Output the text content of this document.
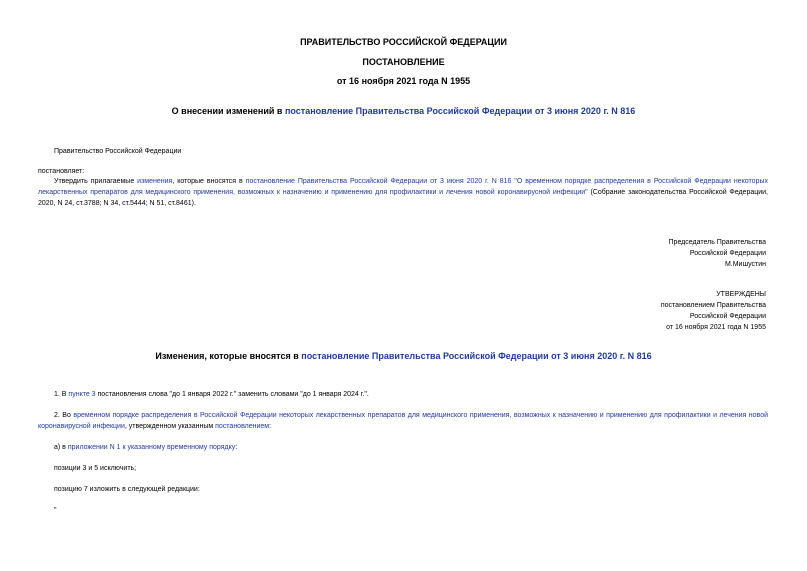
ПРАВИТЕЛЬСТВО РОССИЙСКОЙ ФЕДЕРАЦИИ
ПОСТАНОВЛЕНИЕ
от 16 ноября 2021 года N 1955
О внесении изменений в постановление Правительства Российской Федерации от 3 июня 2020 г. N 816
Правительство Российской Федерации
постановляет:
Утвердить прилагаемые изменения, которые вносятся в постановление Правительства Российской Федерации от 3 июня 2020 г. N 816 "О временном порядке распределения в Российской Федерации некоторых лекарственных препаратов для медицинского применения, возможных к назначению и применению для профилактики и лечения новой коронавирусной инфекции" (Собрание законодательства Российской Федерации, 2020, N 24, ст.3788; N 34, ст.5444; N 51, ст.8461).
Председатель Правительства
Российской Федерации
М.Мишустин
УТВЕРЖДЕНЫ
постановлением Правительства
Российской Федерации
от 16 ноября 2021 года N 1955
Изменения, которые вносятся в постановление Правительства Российской Федерации от 3 июня 2020 г. N 816
1. В пункте 3 постановления слова "до 1 января 2022 г." заменить словами "до 1 января 2024 г.".
2. Во временном порядке распределения в Российской Федерации некоторых лекарственных препаратов для медицинского применения, возможных к назначению и применению для профилактики и лечения новой коронавирусной инфекции, утвержденном указанным постановлением:
а) в приложении N 1 к указанному временному порядку:
позиции 3 и 5 исключить;
позицию 7 изложить в следующей редакции:
"
